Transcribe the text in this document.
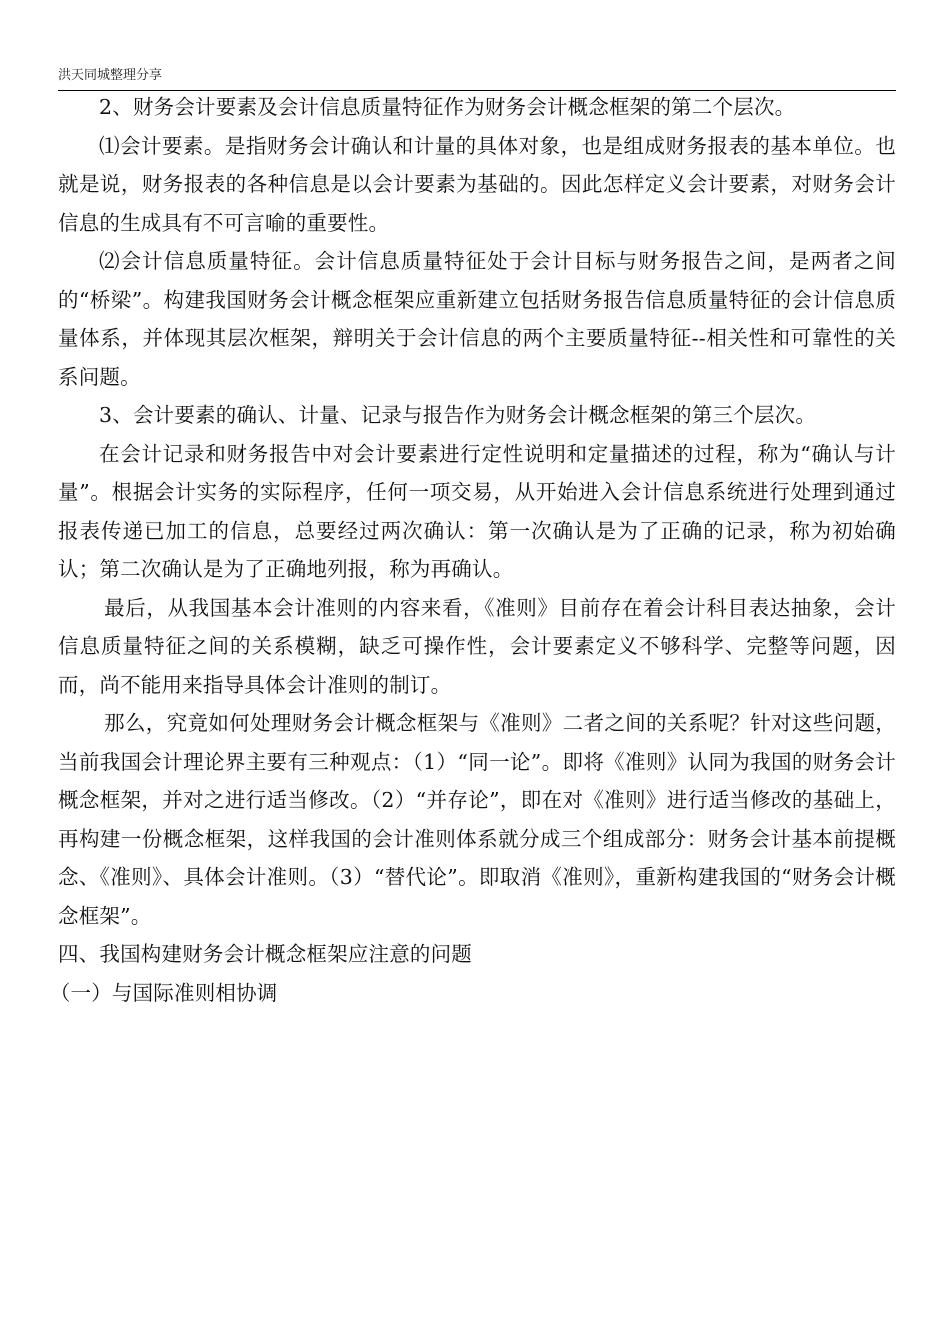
洪天同城整理分享

2、财务会计要素及会计信息质量特征作为财务会计概念框架的第二个层次。

⑴会计要素。是指财务会计确认和计量的具体对象，也是组成财务报表的基本单位。也就是说，财务报表的各种信息是以会计要素为基础的。因此怎样定义会计要素，对财务会计信息的生成具有不可言喻的重要性。

⑵会计信息质量特征。会计信息质量特征处于会计目标与财务报告之间，是两者之间的“桥梁”。构建我国财务会计概念框架应重新建立包括财务报告信息质量特征的会计信息质量体系，并体现其层次框架，辩明关于会计信息的两个主要质量特征--相关性和可靠性的关系问题。

3、会计要素的确认、计量、记录与报告作为财务会计概念框架的第三个层次。

在会计记录和财务报告中对会计要素进行定性说明和定量描述的过程，称为“确认与计量”。根据会计实务的实际程序，任何一项交易，从开始进入会计信息系统进行处理到通过报表传递已加工的信息，总要经过两次确认：第一次确认是为了正确的记录，称为初始确认；第二次确认是为了正确地列报，称为再确认。

最后，从我国基本会计准则的内容来看，《准则》目前存在着会计科目表达抽象，会计信息质量特征之间的关系模糊，缺乏可操作性，会计要素定义不够科学、完整等问题，因而，尚不能用来指导具体会计准则的制订。

那么，究竟如何处理财务会计概念框架与《准则》二者之间的关系呢？针对这些问题，当前我国会计理论界主要有三种观点：（1）“同一论”。即将《准则》认同为我国的财务会计概念框架，并对之进行适当修改。（2）“并存论”，即在对《准则》进行适当修改的基础上，再构建一份概念框架，这样我国的会计准则体系就分成三个组成部分：财务会计基本前提概念、《准则》、具体会计准则。（3）“替代论”。即取消《准则》，重新构建我国的“财务会计概念框架”。

四、我国构建财务会计概念框架应注意的问题

（一）与国际准则相协调
